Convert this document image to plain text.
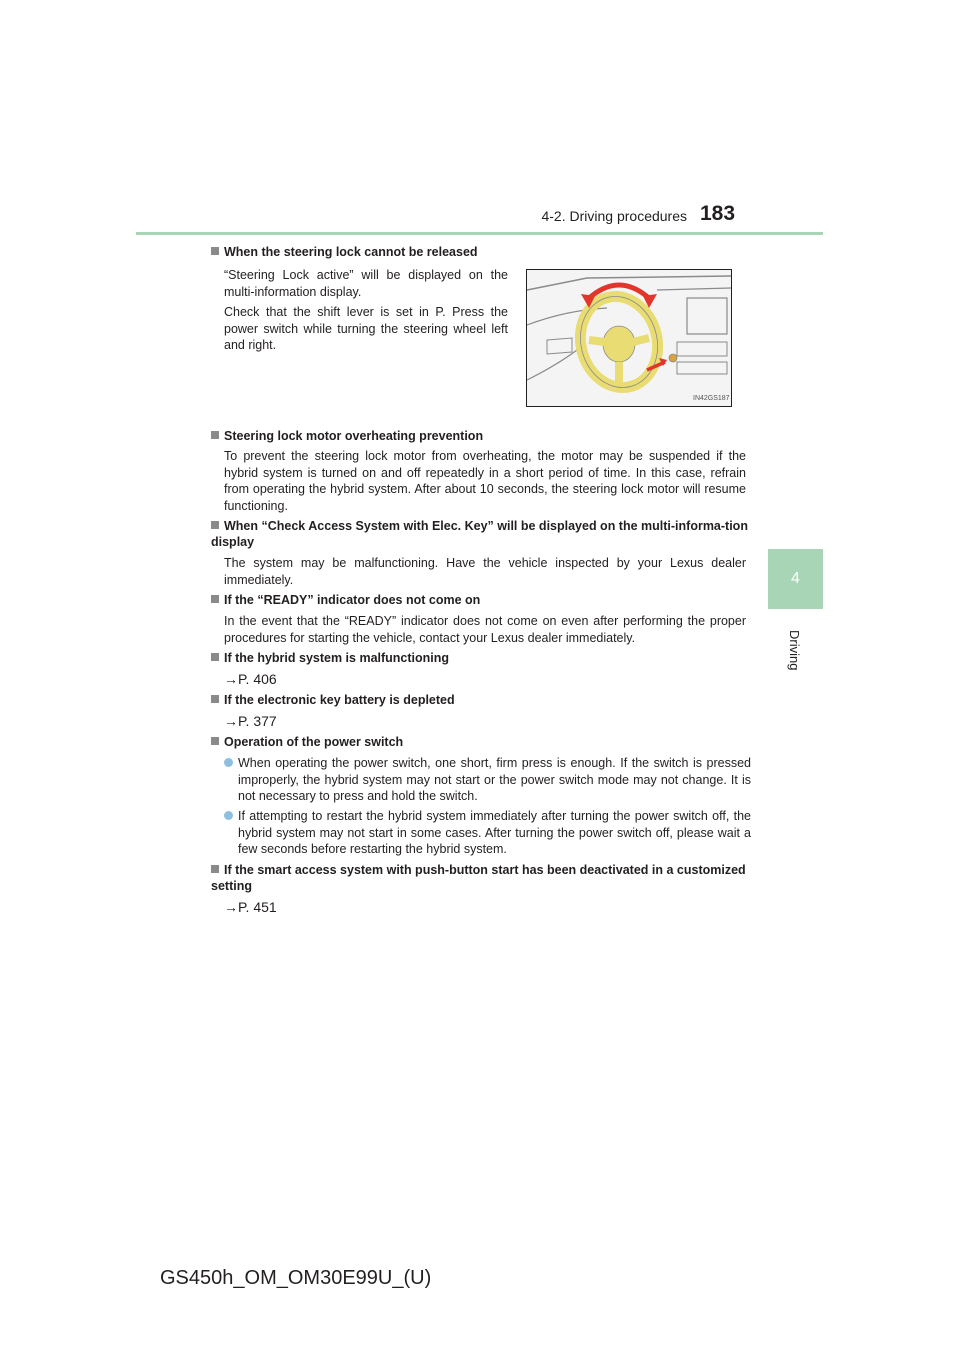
4-2. Driving procedures 183
4
Driving
When the steering lock cannot be released
“Steering Lock active” will be displayed on the multi-information display.
Check that the shift lever is set in P. Press the power switch while turning the steering wheel left and right.
IN42GS187
Steering lock motor overheating prevention
To prevent the steering lock motor from overheating, the motor may be suspended if the hybrid system is turned on and off repeatedly in a short period of time. In this case, refrain from operating the hybrid system. After about 10 seconds, the steering lock motor will resume functioning.
When “Check Access System with Elec. Key” will be displayed on the multi-informa-tion display
The system may be malfunctioning. Have the vehicle inspected by your Lexus dealer immediately.
If the “READY” indicator does not come on
In the event that the “READY” indicator does not come on even after performing the proper procedures for starting the vehicle, contact your Lexus dealer immediately.
If the hybrid system is malfunctioning
→P. 406
If the electronic key battery is depleted
→P. 377
Operation of the power switch
When operating the power switch, one short, firm press is enough. If the switch is pressed improperly, the hybrid system may not start or the power switch mode may not change. It is not necessary to press and hold the switch.
If attempting to restart the hybrid system immediately after turning the power switch off, the hybrid system may not start in some cases. After turning the power switch off, please wait a few seconds before restarting the hybrid system.
If the smart access system with push-button start has been deactivated in a customized setting
→P. 451
GS450h_OM_OM30E99U_(U)
